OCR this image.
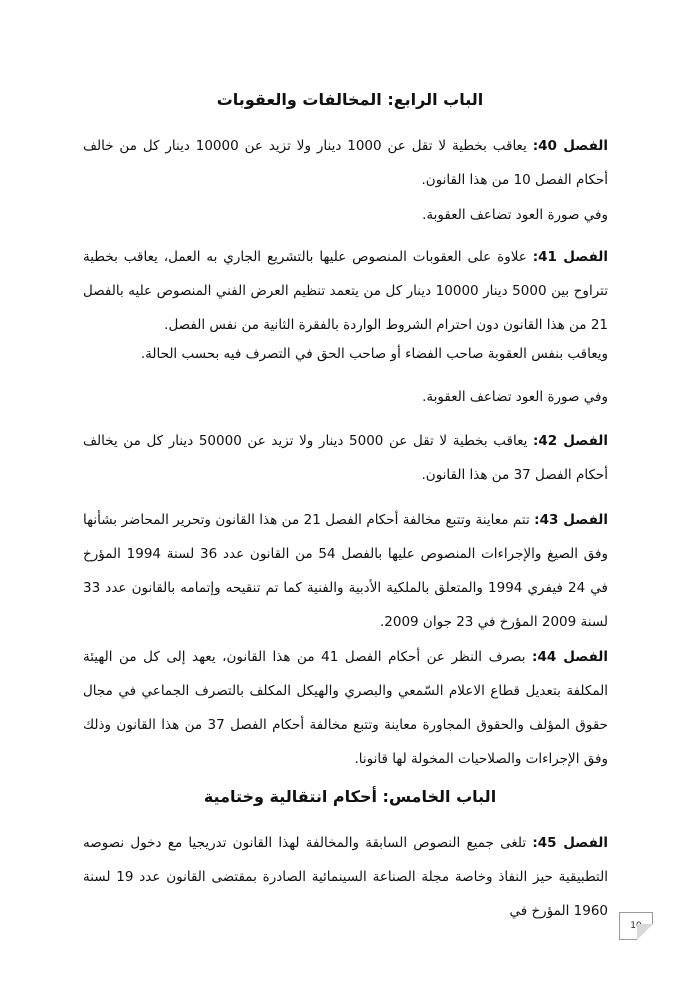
الباب الرابع: المخالفات والعقوبات

الفصل 40: يعاقب بخطية لا تقل عن 1000 دينار ولا تزيد عن 10000 دينار كل من خالف أحكام الفصل 10 من هذا القانون.

وفي صورة العود تضاعف العقوبة.

الفصل 41: علاوة على العقوبات المنصوص عليها بالتشريع الجاري به العمل، يعاقب بخطية تتراوح بين 5000 دينار 10000 دينار كل من يتعمد تنظيم العرض الفني المنصوص عليه بالفصل 21 من هذا القانون دون احترام الشروط الواردة بالفقرة الثانية من نفس الفصل.

ويعاقب بنفس العقوبة صاحب الفضاء أو صاحب الحق في التصرف فيه بحسب الحالة.

وفي صورة العود تضاعف العقوبة.

الفصل 42: يعاقب بخطية لا تقل عن 5000 دينار ولا تزيد عن 50000 دينار كل من يخالف أحكام الفصل 37 من هذا القانون.

الفصل 43: تتم معاينة وتتبع مخالفة أحكام الفصل 21 من هذا القانون وتحرير المحاضر بشأنها وفق الصيغ والإجراءات المنصوص عليها بالفصل 54 من القانون عدد 36 لسنة 1994 المؤرخ في 24 فيفري 1994 والمتعلق بالملكية الأدبية والفنية كما تم تنقيحه وإتمامه بالقانون عدد 33 لسنة 2009 المؤرخ في 23 جوان 2009.

الفصل 44: بصرف النظر عن أحكام الفصل 41 من هذا القانون، يعهد إلى كل من الهيئة المكلفة بتعديل قطاع الاعلام السّمعي والبصري والهيكل المكلف بالتصرف الجماعي في مجال حقوق المؤلف والحقوق المجاورة معاينة وتتبع مخالفة أحكام الفصل 37 من هذا القانون وذلك وفق الإجراءات والصلاحيات المخولة لها قانونا.

الباب الخامس: أحكام انتقالية وختامية

الفصل 45: تلغى جميع النصوص السابقة والمخالفة لهذا القانون تدريجيا مع دخول نصوصه التطبيقية حيز النفاذ وخاصة مجلة الصناعة السينمائية الصادرة بمقتضى القانون عدد 19 لسنة 1960 المؤرخ في

10
